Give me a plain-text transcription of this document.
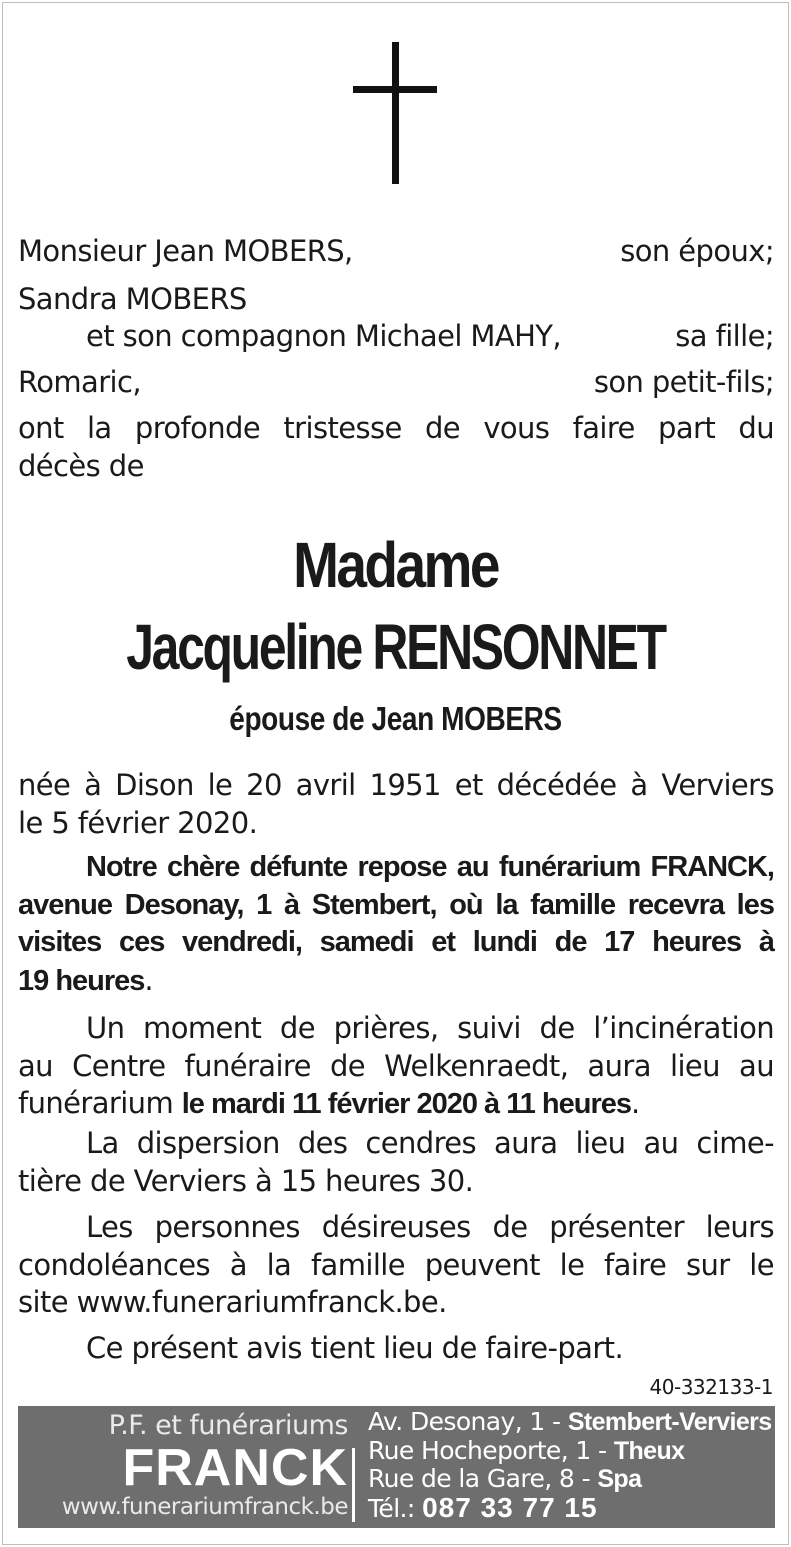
Monsieur Jean MOBERS,	son époux;
Sandra MOBERS
et son compagnon Michael MAHY,	sa fille;
Romaric,	son petit-fils;
ont la profonde tristesse de vous faire part du
décès de
Madame
Jacqueline RENSONNET
épouse de Jean MOBERS
née à Dison le 20 avril 1951 et décédée à Verviers
le 5 février 2020.
Notre chère défunte repose au funérarium FRANCK,
avenue Desonay, 1 à Stembert, où la famille recevra les
visites ces vendredi, samedi et lundi de 17 heures à
19 heures.
Un moment de prières, suivi de l’incinération
au Centre funéraire de Welkenraedt, aura lieu au
funérarium le mardi 11 février 2020 à 11 heures.
La dispersion des cendres aura lieu au cime-
tière de Verviers à 15 heures 30.
Les personnes désireuses de présenter leurs
condoléances à la famille peuvent le faire sur le
site www.funerariumfranck.be.
Ce présent avis tient lieu de faire-part.
40-332133-1
P.F. et funérariums
FRANCK
www.funerariumfranck.be
Av. Desonay, 1 - Stembert-Verviers
Rue Hocheporte, 1 - Theux
Rue de la Gare, 8 - Spa
Tél.: 087 33 77 15
